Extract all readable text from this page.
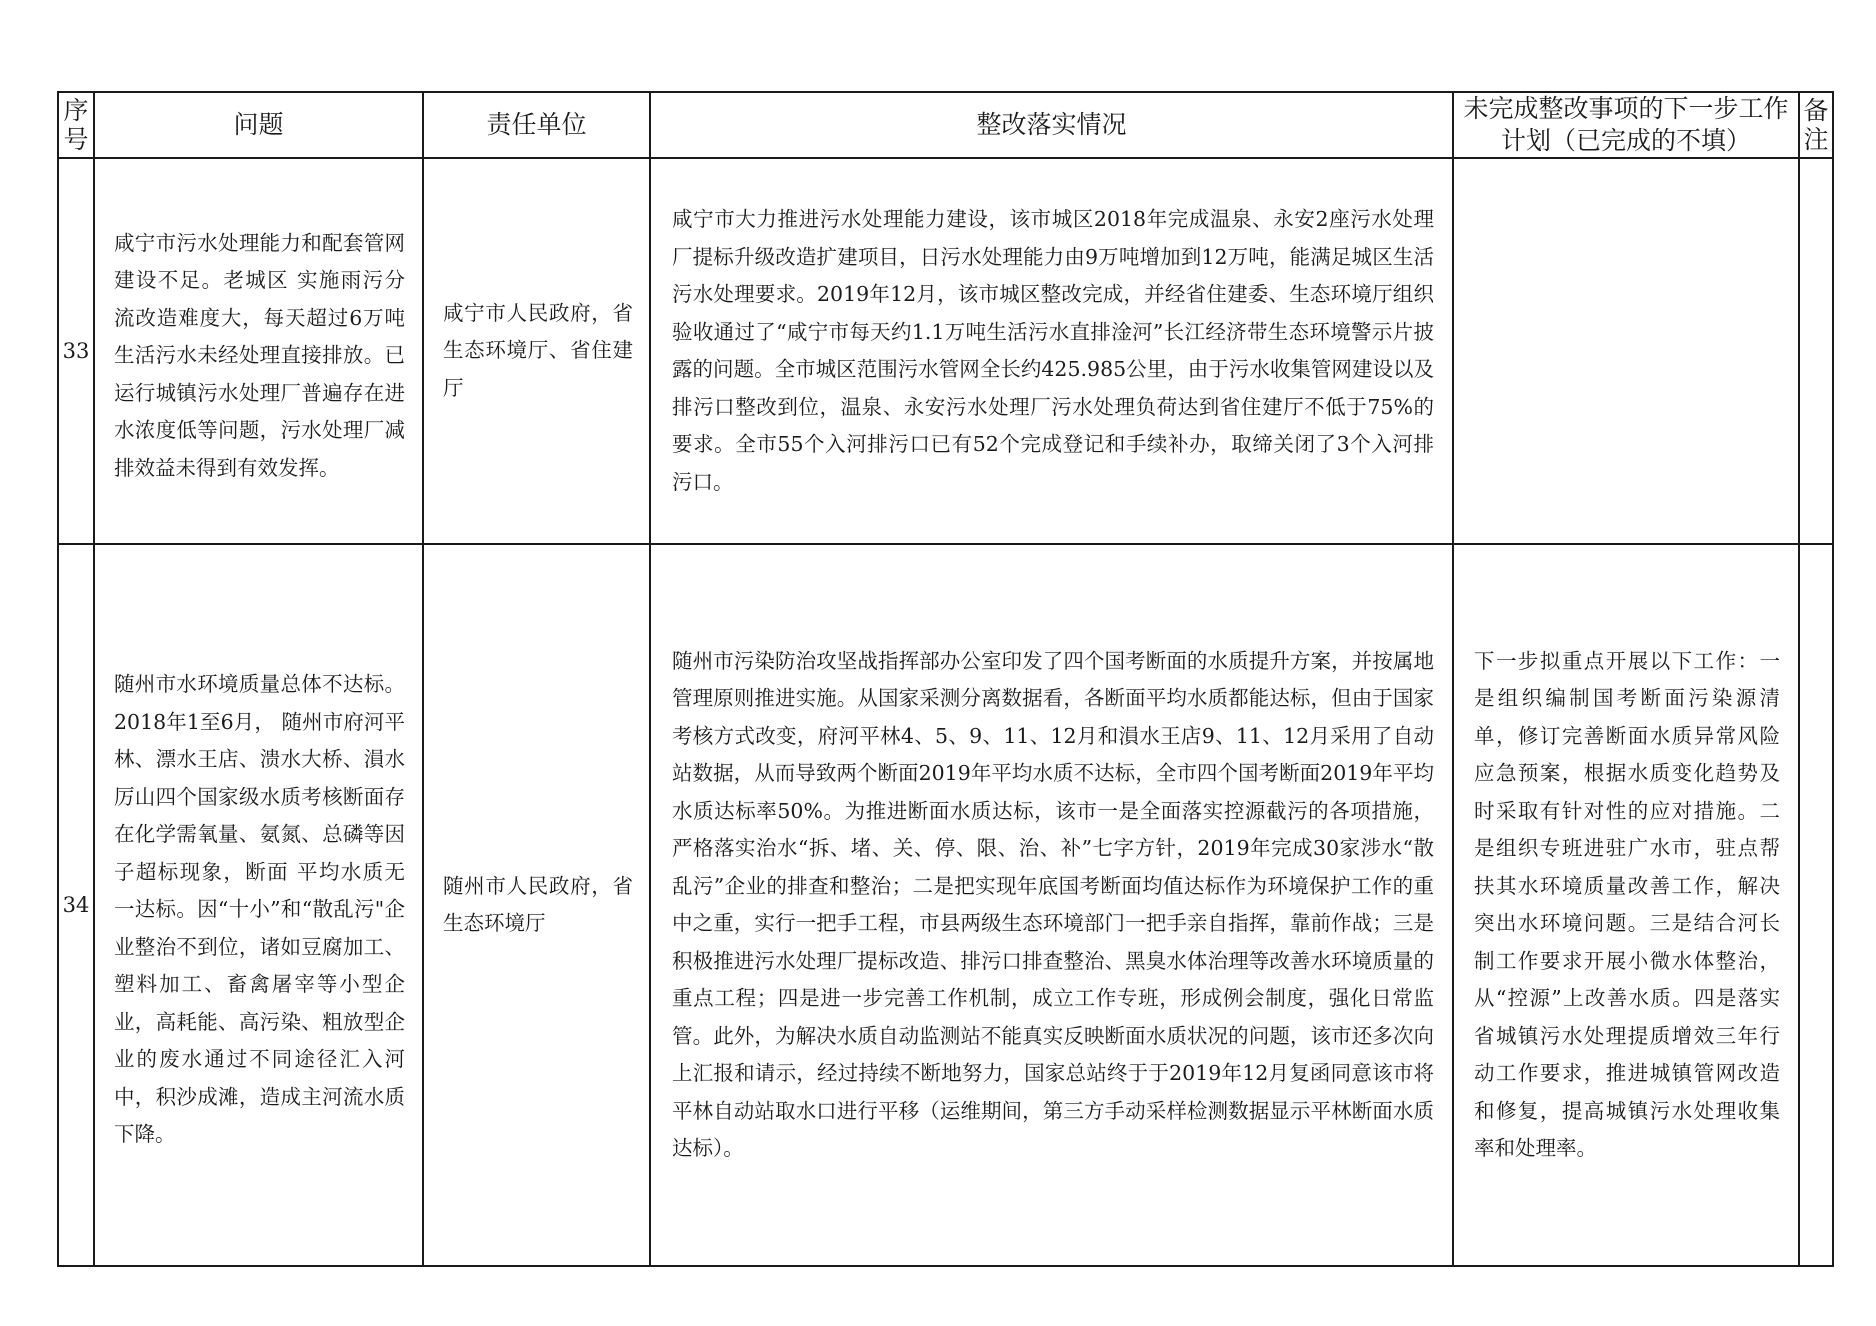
序号	问题	责任单位	整改落实情况	未完成整改事项的下一步工作计划（已完成的不填）	备注
33	咸宁市污水处理能力和配套管网建设不足。老城区 实施雨污分流改造难度大，每天超过6万吨生活污水未经处理直接排放。已运行城镇污水处理厂普遍存在进水浓度低等问题，污水处理厂减排效益未得到有效发挥。	咸宁市人民政府，省生态环境厅、省住建厅	咸宁市大力推进污水处理能力建设，该市城区2018年完成温泉、永安2座污水处理厂提标升级改造扩建项目，日污水处理能力由9万吨增加到12万吨，能满足城区生活污水处理要求。2019年12月，该市城区整改完成，并经省住建委、生态环境厅组织验收通过了“咸宁市每天约1.1万吨生活污水直排淦河”长江经济带生态环境警示片披露的问题。全市城区范围污水管网全长约425.985公里，由于污水收集管网建设以及排污口整改到位，温泉、永安污水处理厂污水处理负荷达到省住建厅不低于75%的要求。全市55个入河排污口已有52个完成登记和手续补办，取缔关闭了3个入河排污口。		
34	随州市水环境质量总体不达标。2018年1至6月， 随州市府河平林、漂水王店、溃水大桥、溳水厉山四个国家级水质考核断面存在化学需氧量、氨氮、总磷等因子超标现象，断面 平均水质无一达标。因“十小”和“散乱污"企业整治不到位，诸如豆腐加工、塑料加工、畜禽屠宰等小型企业，高耗能、高污染、粗放型企业的废水通过不同途径汇入河中，积沙成滩，造成主河流水质下降。	随州市人民政府，省生态环境厅	随州市污染防治攻坚战指挥部办公室印发了四个国考断面的水质提升方案，并按属地管理原则推进实施。从国家采测分离数据看，各断面平均水质都能达标，但由于国家考核方式改变，府河平林4、5、9、11、12月和溳水王店9、11、12月采用了自动站数据，从而导致两个断面2019年平均水质不达标，全市四个国考断面2019年平均水质达标率50%。为推进断面水质达标，该市一是全面落实控源截污的各项措施，严格落实治水“拆、堵、关、停、限、治、补”七字方针，2019年完成30家涉水“散乱污”企业的排查和整治；二是把实现年底国考断面均值达标作为环境保护工作的重中之重，实行一把手工程，市县两级生态环境部门一把手亲自指挥，靠前作战；三是积极推进污水处理厂提标改造、排污口排查整治、黑臭水体治理等改善水环境质量的重点工程；四是进一步完善工作机制，成立工作专班，形成例会制度，强化日常监管。此外，为解决水质自动监测站不能真实反映断面水质状况的问题，该市还多次向上汇报和请示，经过持续不断地努力，国家总站终于于2019年12月复函同意该市将平林自动站取水口进行平移（运维期间，第三方手动采样检测数据显示平林断面水质达标）。	下一步拟重点开展以下工作：一是组织编制国考断面污染源清单，修订完善断面水质异常风险应急预案，根据水质变化趋势及时采取有针对性的应对措施。二是组织专班进驻广水市，驻点帮扶其水环境质量改善工作，解决突出水环境问题。三是结合河长制工作要求开展小微水体整治，从“控源”上改善水质。四是落实省城镇污水处理提质增效三年行动工作要求，推进城镇管网改造和修复，提高城镇污水处理收集率和处理率。	
